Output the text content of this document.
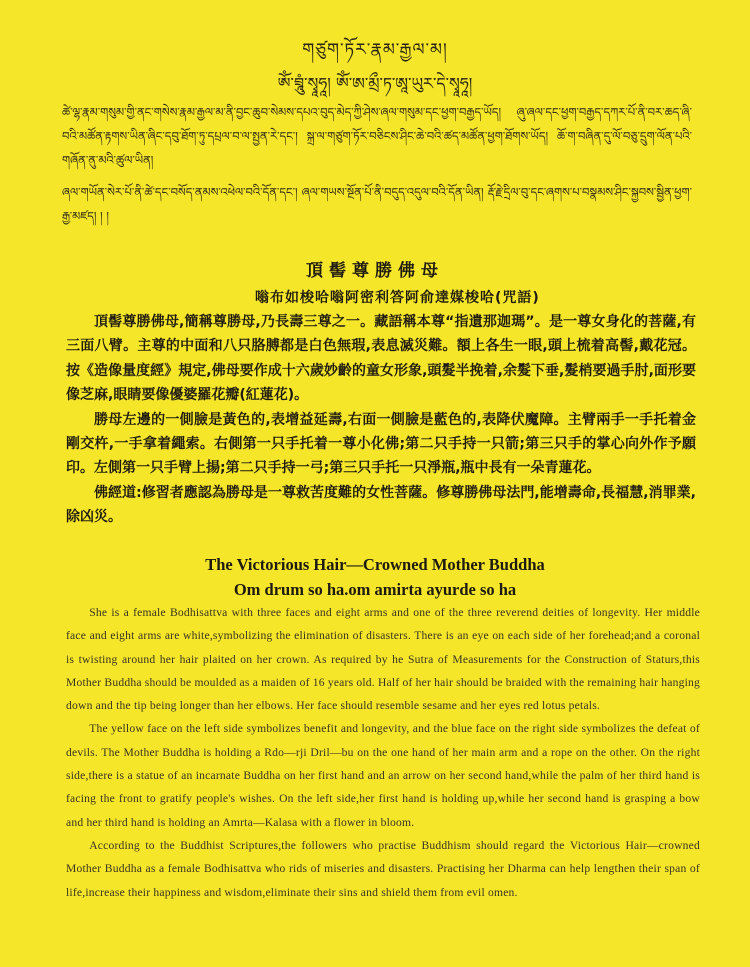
གཙུག་ཏོར་རྣམ་རྒྱལ་མ།
ཨོཾ་བྲཱུཾ་སྭཱཧཱ། ཨོཾ་ཨ་མྲྀ་ཏ་ཨཱ་ཡུར་དེ་སྭཱཧཱ།

ཚེ་ལྷ་རྣམ་གསུམ་གྱི་ནང་གསེས་རྣམ་རྒྱལ་མ་ནི་བྱང་ཆུབ་སེམས་དཔའ་བུད་མེད་ཀྱི་ཤེས་ཞལ་གསུམ་དང་ཕྱག་བརྒྱད་ཡོད། ཞུ་ཞལ་དང་ཕྱག་བརྒྱད་དཀར་པོ་ནི་བར་ཆད་ཞི་བའི་མཚོན་རྟགས་ཡིན་ཞིང་དབུ་ཐོག་ཏུ་དཔྲལ་བ་ལ་སྤྱན་རེ་དང་། སྐྲ་ལ་གཙུག་ཏོར་བཅིངས་ཤིང་ཆེ་བའི་ཚད་མཚོན་ཕྱག་ཐོགས་ཡོད། ཆོ་ག་བཞིན་དུ་ལོ་བཅུ་དྲུག་ལོན་པའི་གཞོན་ནུ་མའི་ཚུལ་ཡིན།

ཞལ་གཡོན་སེར་པོ་ནི་ཚེ་དང་བསོད་ནམས་འཕེལ་བའི་དོན་དང་། ཞལ་གཡས་སྔོན་པོ་ནི་བདུད་འདུལ་བའི་དོན་ཡིན། རྡོ་རྗེ་དྲིལ་བུ་དང་ཞགས་པ་བསྣམས་ཤིང་སྐྱབས་སྦྱིན་ཕྱག་རྒྱ་མཛད། ། །

頂髻尊勝佛母
嗡布如梭哈嗡阿密利答阿俞達媒梭哈(咒語)

頂髻尊勝佛母,簡稱尊勝母,乃長壽三尊之一。藏語稱本尊“指遺那迦瑪”。是一尊女身化的菩薩,有三面八臂。主尊的中面和八只胳膊都是白色無瑕,表息滅災難。額上各生一眼,頭上梳着高髻,戴花冠。按《造像量度經》規定,佛母要作成十六歲妙齡的童女形象,頭髮半挽着,余髮下垂,髮梢要過手肘,面形要像芝麻,眼睛要像優婆羅花瓣(紅蓮花)。

勝母左邊的一側臉是黃色的,表增益延壽,右面一側臉是藍色的,表降伏魔障。主臂兩手一手托着金剛交杵,一手拿着繩索。右側第一只手托着一尊小化佛;第二只手持一只箭;第三只手的掌心向外作予願印。左側第一只手臂上揚;第二只手持一弓;第三只手托一只淨瓶,瓶中長有一朵青蓮花。

佛經道:修習者應認為勝母是一尊救苦度難的女性菩薩。修尊勝佛母法門,能增壽命,長福慧,消罪業,除凶災。

The Victorious Hair—Crowned Mother Buddha
Om drum so ha.om amirta ayurde so ha

She is a female Bodhisattva with three faces and eight arms and one of the three reverend deities of longevity. Her middle face and eight arms are white,symbolizing the elimination of disasters. There is an eye on each side of her forehead;and a coronal is twisting around her hair plaited on her crown. As required by he Sutra of Measurements for the Construction of Staturs,this Mother Buddha should be moulded as a maiden of 16 years old. Half of her hair should be braided with the remaining hair hanging down and the tip being longer than her elbows. Her face should resemble sesame and her eyes red lotus petals.

The yellow face on the left side symbolizes benefit and longevity, and the blue face on the right side symbolizes the defeat of devils. The Mother Buddha is holding a Rdo—rji Dril—bu on the one hand of her main arm and a rope on the other. On the right side,there is a statue of an incarnate Buddha on her first hand and an arrow on her second hand,while the palm of her third hand is facing the front to gratify people's wishes. On the left side,her first hand is holding up,while her second hand is grasping a bow and her third hand is holding an Amrta—Kalasa with a flower in bloom.

According to the Buddhist Scriptures,the followers who practise Buddhism should regard the Victorious Hair—crowned Mother Buddha as a female Bodhisattva who rids of miseries and disasters. Practising her Dharma can help lengthen their span of life,increase their happiness and wisdom,eliminate their sins and shield them from evil omen.
